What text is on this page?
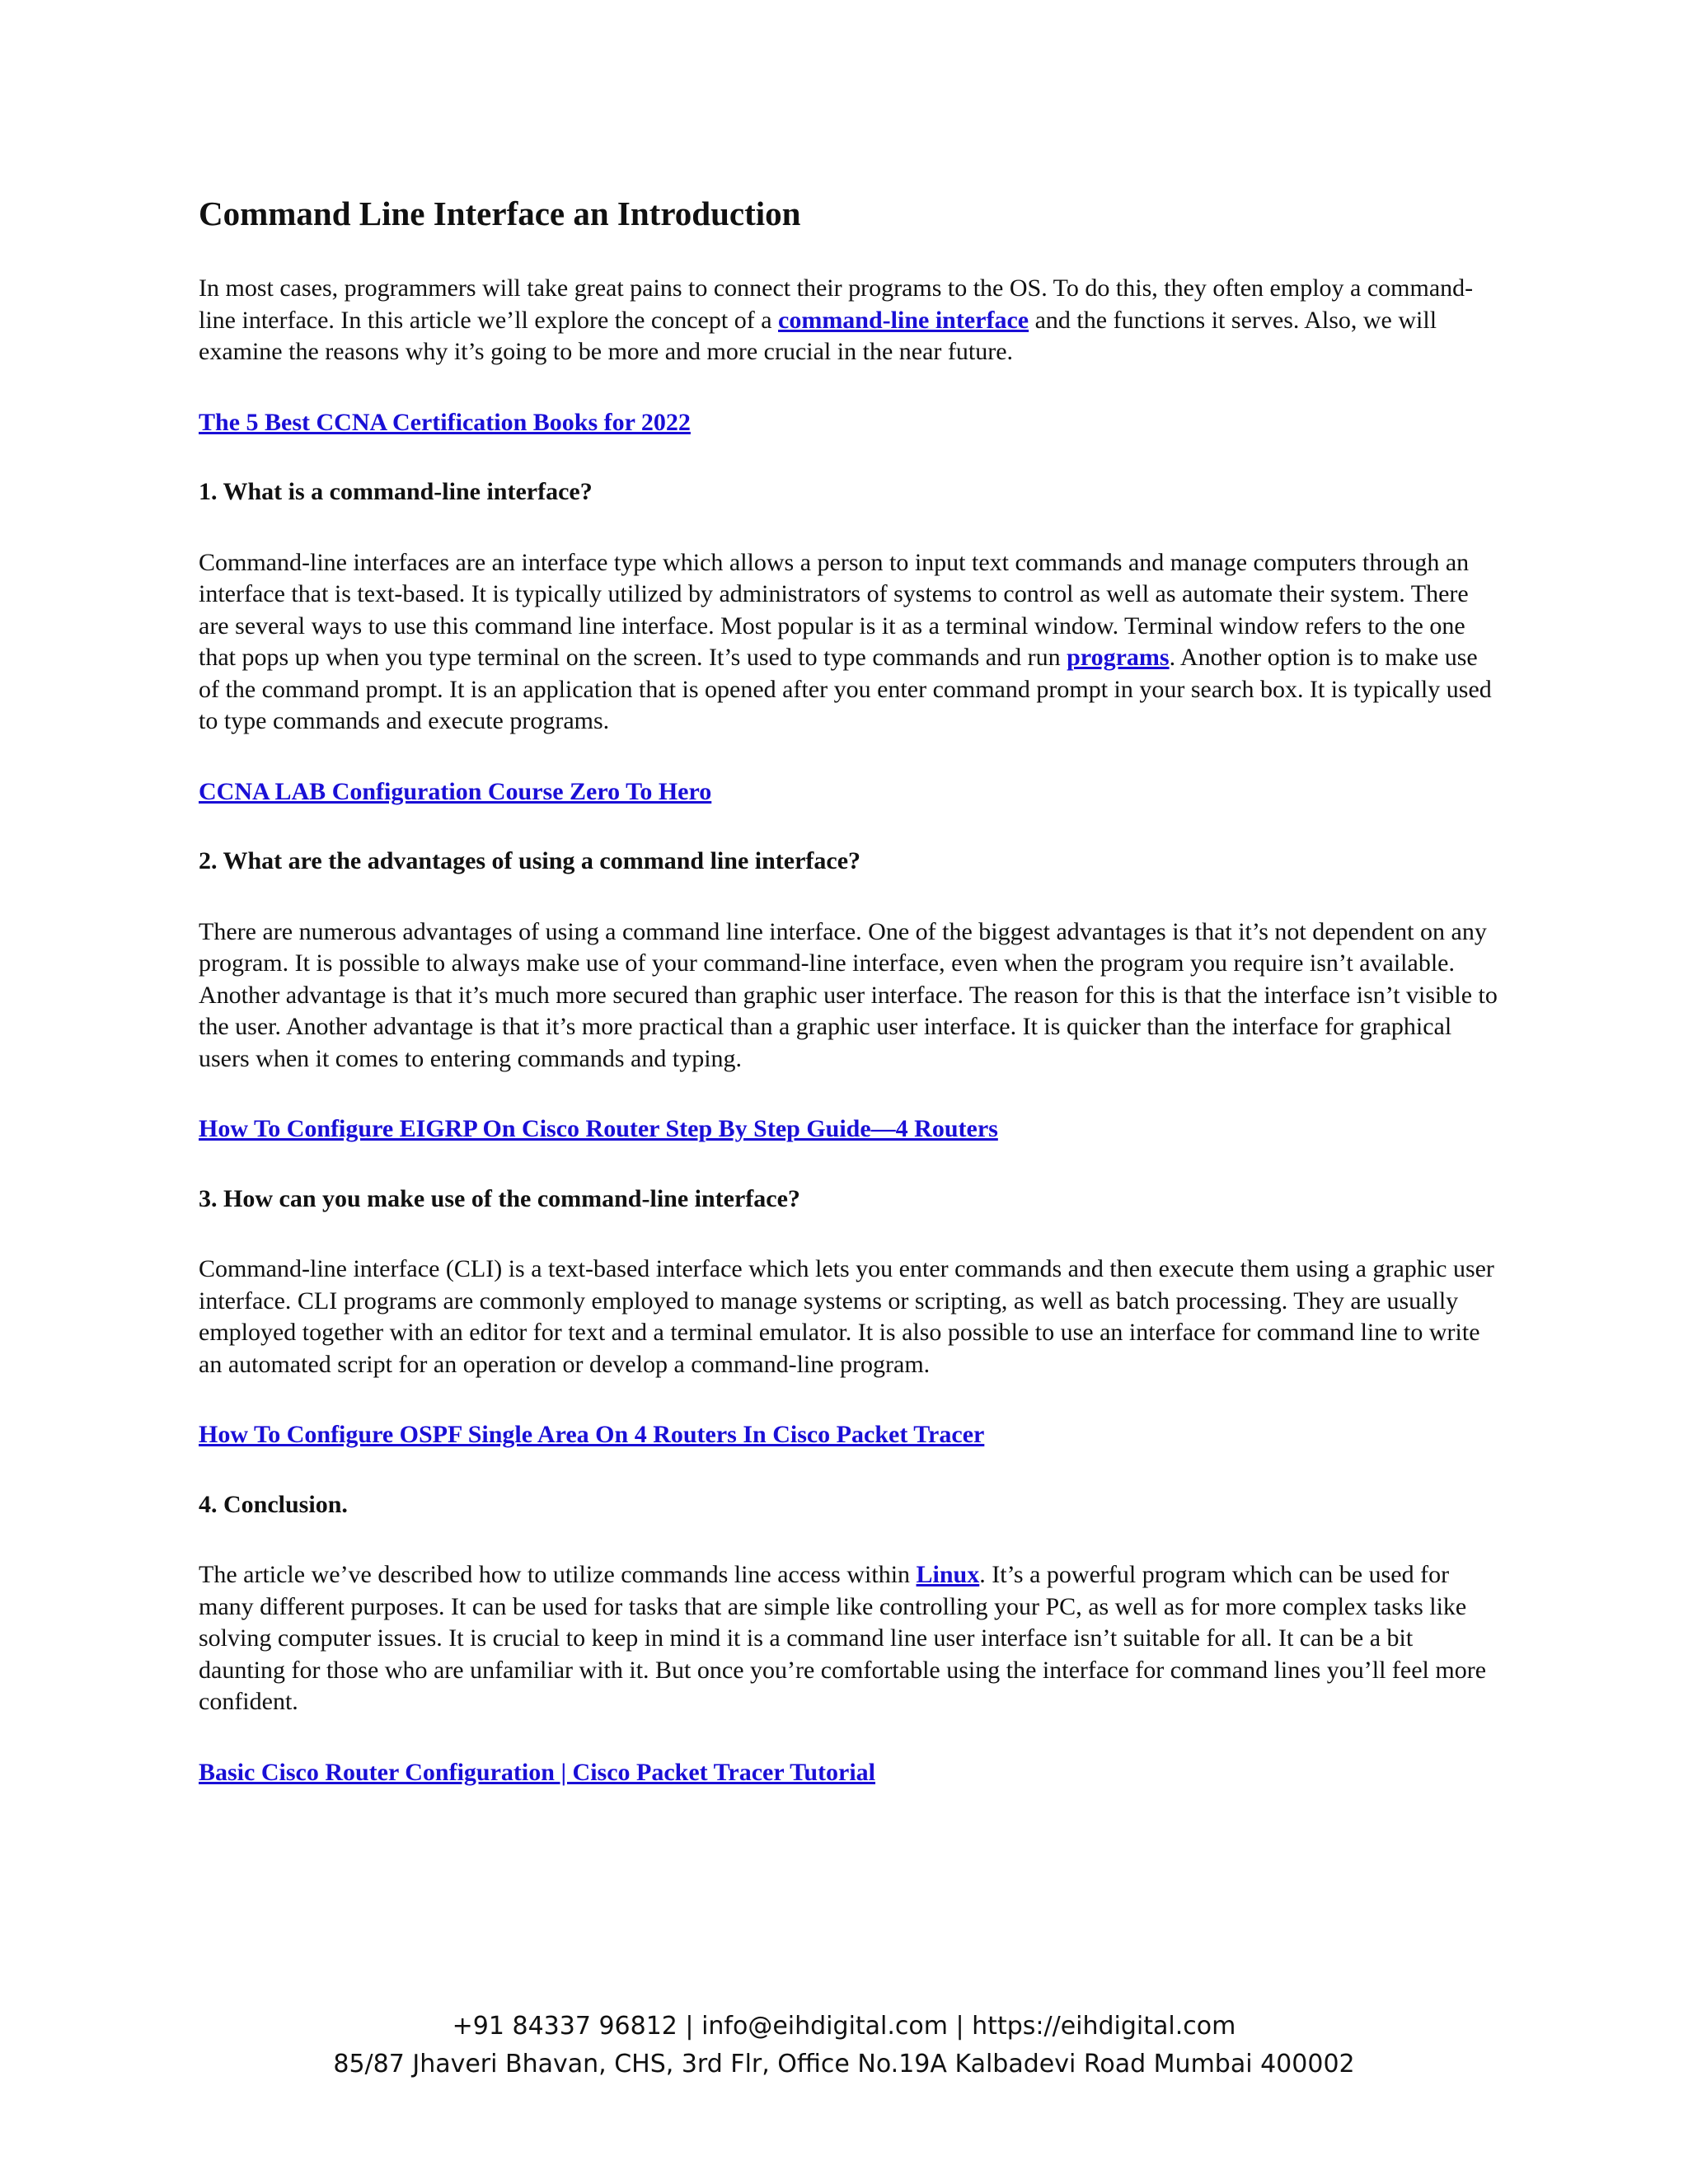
Command Line Interface an Introduction

In most cases, programmers will take great pains to connect their programs to the OS. To do this, they often employ a command-line interface. In this article we’ll explore the concept of a command-line interface and the functions it serves. Also, we will examine the reasons why it’s going to be more and more crucial in the near future.

The 5 Best CCNA Certification Books for 2022
1. What is a command-line interface?

Command-line interfaces are an interface type which allows a person to input text commands and manage computers through an interface that is text-based. It is typically utilized by administrators of systems to control as well as automate their system. There are several ways to use this command line interface. Most popular is it as a terminal window. Terminal window refers to the one that pops up when you type terminal on the screen. It’s used to type commands and run programs. Another option is to make use of the command prompt. It is an application that is opened after you enter command prompt in your search box. It is typically used to type commands and execute programs.

CCNA LAB Configuration Course Zero To Hero
2. What are the advantages of using a command line interface?

There are numerous advantages of using a command line interface. One of the biggest advantages is that it’s not dependent on any program. It is possible to always make use of your command-line interface, even when the program you require isn’t available. Another advantage is that it’s much more secured than graphic user interface. The reason for this is that the interface isn’t visible to the user. Another advantage is that it’s more practical than a graphic user interface. It is quicker than the interface for graphical users when it comes to entering commands and typing.

How To Configure EIGRP On Cisco Router Step By Step Guide—4 Routers
3. How can you make use of the command-line interface?

Command-line interface (CLI) is a text-based interface which lets you enter commands and then execute them using a graphic user interface. CLI programs are commonly employed to manage systems or scripting, as well as batch processing. They are usually employed together with an editor for text and a terminal emulator. It is also possible to use an interface for command line to write an automated script for an operation or develop a command-line program.

How To Configure OSPF Single Area On 4 Routers In Cisco Packet Tracer
4. Conclusion.

The article we’ve described how to utilize commands line access within Linux. It’s a powerful program which can be used for many different purposes. It can be used for tasks that are simple like controlling your PC, as well as for more complex tasks like solving computer issues. It is crucial to keep in mind it is a command line user interface isn’t suitable for all. It can be a bit daunting for those who are unfamiliar with it. But once you’re comfortable using the interface for command lines you’ll feel more confident.

Basic Cisco Router Configuration | Cisco Packet Tracer Tutorial
+91 84337 96812 | info@eihdigital.com | https://eihdigital.com
85/87 Jhaveri Bhavan, CHS, 3rd Flr, Office No.19A Kalbadevi Road Mumbai 400002
